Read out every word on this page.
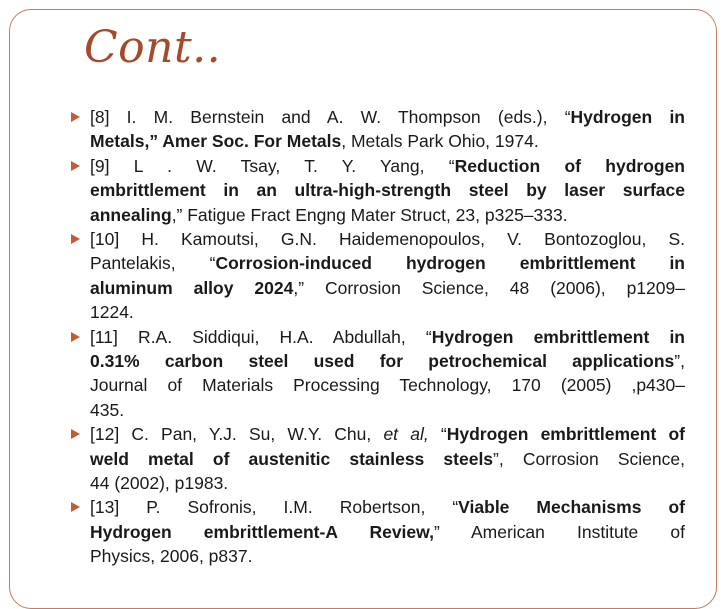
Cont..
[8] I. M. Bernstein and A. W. Thompson (eds.), “Hydrogen in
Metals,” Amer Soc. For Metals, Metals Park Ohio, 1974.
[9] L . W. Tsay, T. Y. Yang, “Reduction of hydrogen
embrittlement in an ultra-high-strength steel by laser surface
annealing,” Fatigue Fract Engng Mater Struct, 23, p325–333.
[10] H. Kamoutsi, G.N. Haidemenopoulos, V. Bontozoglou, S.
Pantelakis, “Corrosion-induced hydrogen embrittlement in
aluminum alloy 2024,” Corrosion Science, 48 (2006), p1209–
1224.
[11] R.A. Siddiqui, H.A. Abdullah, “Hydrogen embrittlement in
0.31% carbon steel used for petrochemical applications”,
Journal of Materials Processing Technology, 170 (2005) ,p430–
435.
[12] C. Pan, Y.J. Su, W.Y. Chu, et al, “Hydrogen embrittlement of
weld metal of austenitic stainless steels”, Corrosion Science,
44 (2002), p1983.
[13] P. Sofronis, I.M. Robertson, “Viable Mechanisms of
Hydrogen embrittlement-A Review,” American Institute of
Physics, 2006, p837.
